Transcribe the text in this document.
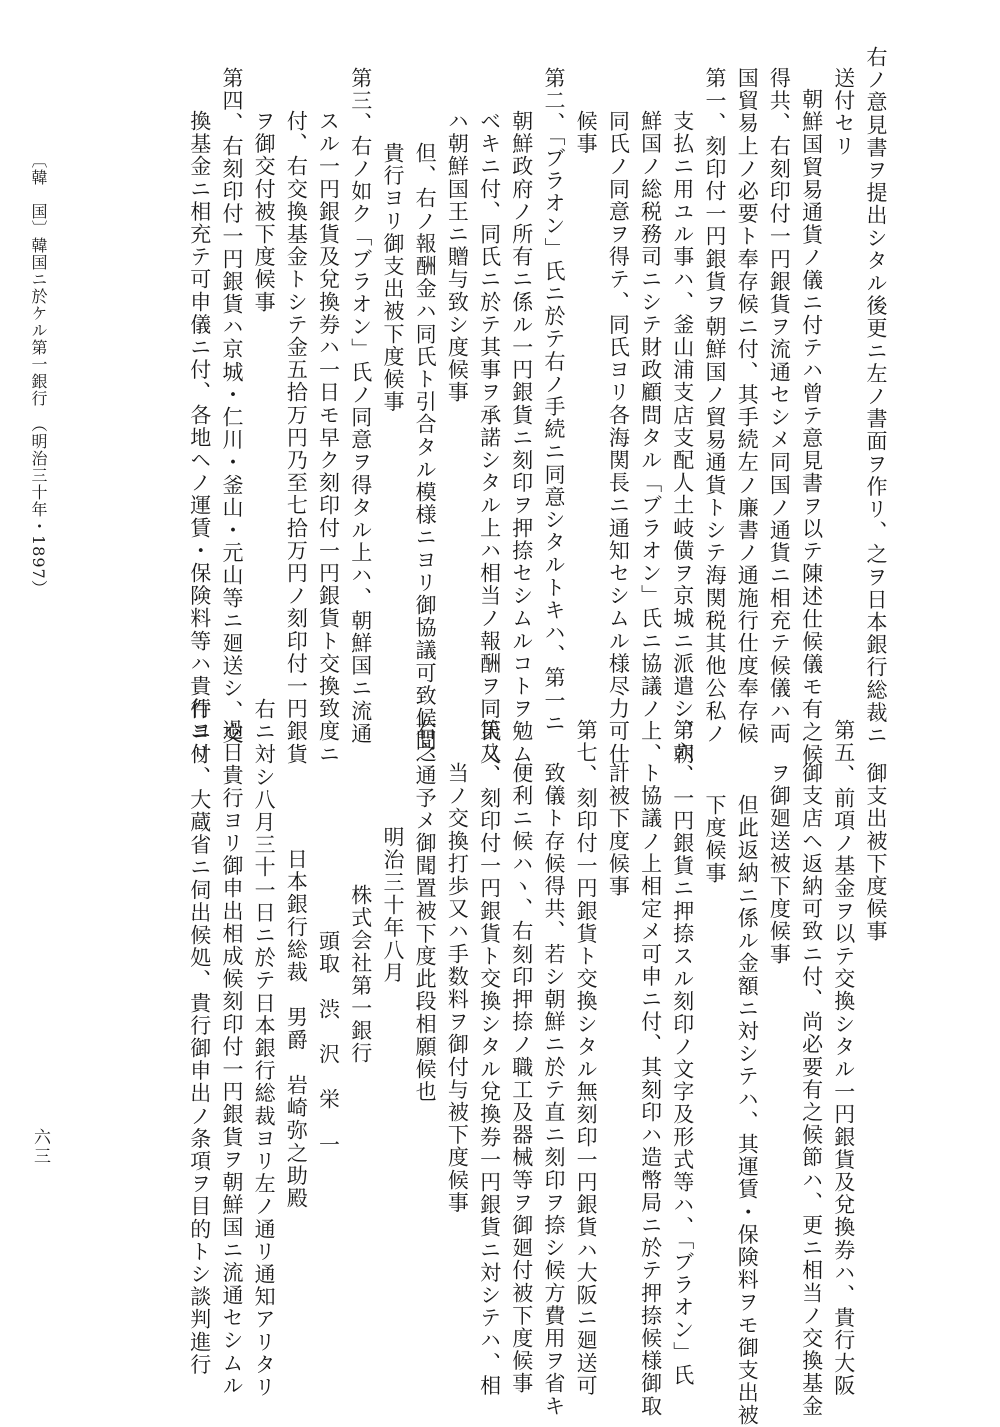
右ノ意見書ヲ提出シタル後更ニ左ノ書面ヲ作リ、之ヲ日本銀行総裁ニ
送付セリ
朝鮮国貿易通貨ノ儀ニ付テハ曾テ意見書ヲ以テ陳述仕候儀モ有之候
得共、右刻印付一円銀貨ヲ流通セシメ同国ノ通貨ニ相充テ候儀ハ両
国貿易上ノ必要ト奉存候ニ付、其手続左ノ廉書ノ通施行仕度奉存候
第一、刻印付一円銀貨ヲ朝鮮国ノ貿易通貨トシテ海関税其他公私ノ
支払ニ用ユル事ハ、釜山浦支店支配人土岐僙ヲ京城ニ派遣シ、朝
鮮国ノ総税務司ニシテ財政顧問タル「ブラオン」氏ニ協議ノ上、
同氏ノ同意ヲ得テ、同氏ヨリ各海関長ニ通知セシムル様尽力可仕
候事
第二、「ブラオン」氏ニ於テ右ノ手続ニ同意シタルトキハ、第一ニ
朝鮮政府ノ所有ニ係ル一円銀貨ニ刻印ヲ押捺セシムルコトヲ勉ム
ベキニ付、同氏ニ於テ其事ヲ承諾シタル上ハ相当ノ報酬ヲ同氏又
ハ朝鮮国王ニ贈与致シ度候事
但、右ノ報酬金ハ同氏ト引合タル模様ニヨリ御協議可致候間、
貴行ヨリ御支出被下度候事
第三、右ノ如ク「ブラオン」氏ノ同意ヲ得タル上ハ、朝鮮国ニ流通
スル一円銀貨及兌換券ハ一日モ早ク刻印付一円銀貨ト交換致度ニ
付、右交換基金トシテ金五拾万円乃至七拾万円ノ刻印付一円銀貨
ヲ御交付被下度候事
第四、右刻印付一円銀貨ハ京城・仁川・釜山・元山等ニ廻送シ、交
換基金ニ相充テ可申儀ニ付、各地ヘノ運賃・保険料等ハ貴行ヨリ
御支出被下度候事
第五、前項ノ基金ヲ以テ交換シタル一円銀貨及兌換券ハ、貴行大阪
御支店ヘ返納可致ニ付、尚必要有之候節ハ、更ニ相当ノ交換基金
ヲ御廻送被下度候事
但此返納ニ係ル金額ニ対シテハ、其運賃・保険料ヲモ御支出被
下度候事
第六、一円銀貨ニ押捺スル刻印ノ文字及形式等ハ、「ブラオン」氏
ト協議ノ上相定メ可申ニ付、其刻印ハ造幣局ニ於テ押捺候様御取
計被下度候事
第七、刻印付一円銀貨ト交換シタル無刻印一円銀貨ハ大阪ニ廻送可
致儀ト存候得共、若シ朝鮮ニ於テ直ニ刻印ヲ捺シ候方費用ヲ省キ
便利ニ候ハヽ、右刻印押捺ノ職工及器械等ヲ御廻付被下度候事
第八、刻印付一円銀貨ト交換シタル兌換券一円銀貨ニ対シテハ、相
当ノ交換打歩又ハ手数料ヲ御付与被下度候事
右之通予メ御聞置被下度此段相願候也
明治三十年八月
株式会社第一銀行
頭取　渋　沢　栄　一
日本銀行総裁　男爵　岩崎弥之助殿
右ニ対シ八月三十一日ニ於テ日本銀行総裁ヨリ左ノ通リ通知アリタリ
過日貴行ヨリ御申出相成候刻印付一円銀貨ヲ朝鮮国ニ流通セシムル
件ニ付、大蔵省ニ伺出候処、貴行御申出ノ条項ヲ目的トシ談判進行
〔韓　国〕韓国ニ於ケル第一銀行　（明治三十年・1897）
六三
